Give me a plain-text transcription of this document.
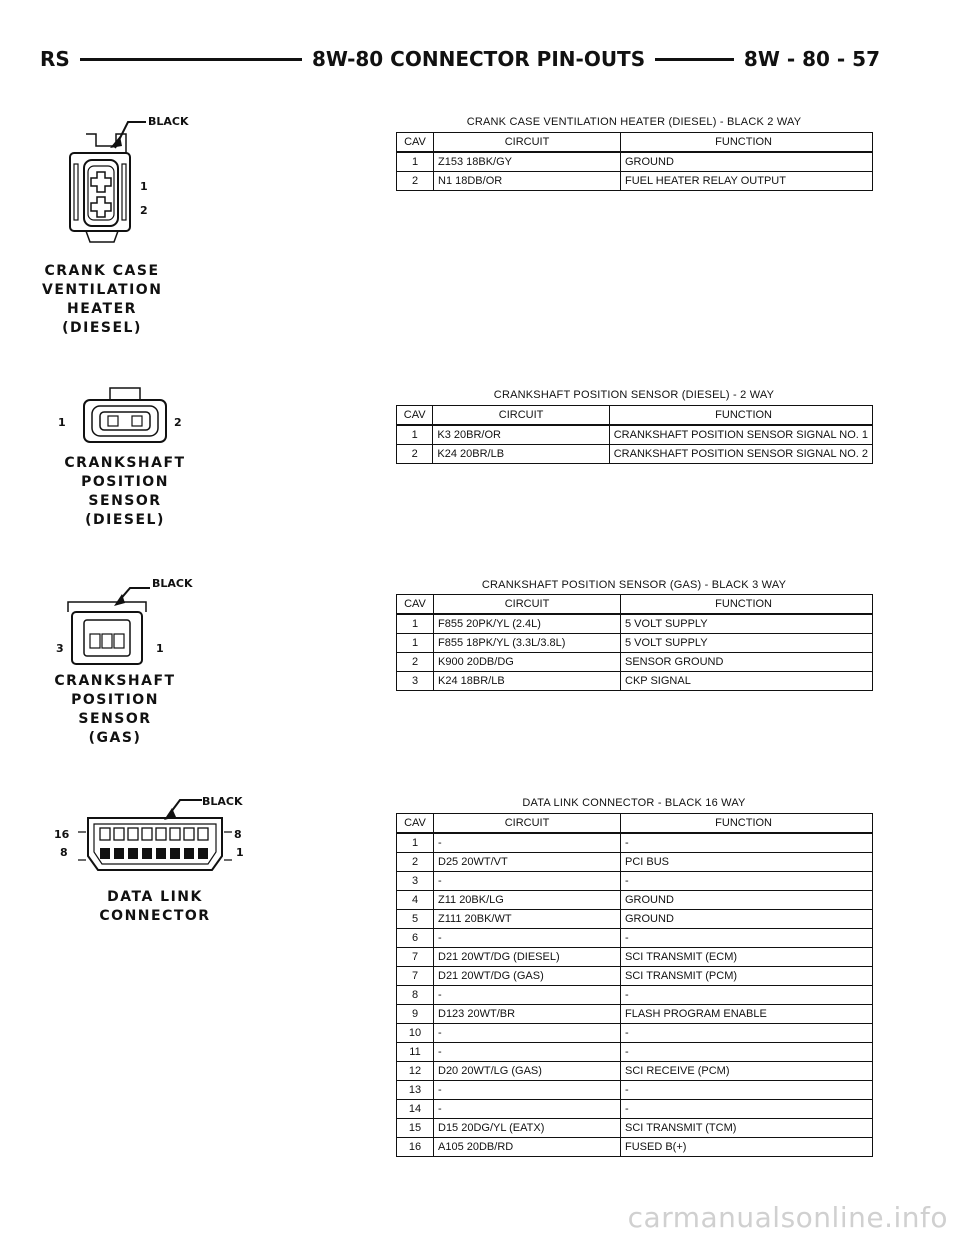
RS	8W-80 CONNECTOR PIN-OUTS	8W - 80 - 57
BLACK
1
2
CRANK CASE
VENTILATION
HEATER
(DIESEL)
CRANK CASE VENTILATION HEATER (DIESEL) - BLACK 2 WAY
CAV	CIRCUIT	FUNCTION
1	Z153 18BK/GY	GROUND
2	N1 18DB/OR	FUEL HEATER RELAY OUTPUT
1	2
CRANKSHAFT
POSITION
SENSOR
(DIESEL)
CRANKSHAFT POSITION SENSOR (DIESEL) - 2 WAY
CAV	CIRCUIT	FUNCTION
1	K3 20BR/OR	CRANKSHAFT POSITION SENSOR SIGNAL NO. 1
2	K24 20BR/LB	CRANKSHAFT POSITION SENSOR SIGNAL NO. 2
BLACK
3	1
CRANKSHAFT
POSITION
SENSOR
(GAS)
CRANKSHAFT POSITION SENSOR (GAS) - BLACK 3 WAY
CAV	CIRCUIT	FUNCTION
1	F855 20PK/YL (2.4L)	5 VOLT SUPPLY
1	F855 18PK/YL (3.3L/3.8L)	5 VOLT SUPPLY
2	K900 20DB/DG	SENSOR GROUND
3	K24 18BR/LB	CKP SIGNAL
BLACK
16
8
8
1
DATA LINK
CONNECTOR
DATA LINK CONNECTOR - BLACK 16 WAY
CAV	CIRCUIT	FUNCTION
1	-	-
2	D25 20WT/VT	PCI BUS
3	-	-
4	Z11 20BK/LG	GROUND
5	Z111 20BK/WT	GROUND
6	-	-
7	D21 20WT/DG (DIESEL)	SCI TRANSMIT (ECM)
7	D21 20WT/DG (GAS)	SCI TRANSMIT (PCM)
8	-	-
9	D123 20WT/BR	FLASH PROGRAM ENABLE
10	-	-
11	-	-
12	D20 20WT/LG (GAS)	SCI RECEIVE (PCM)
13	-	-
14	-	-
15	D15 20DG/YL (EATX)	SCI TRANSMIT (TCM)
16	A105 20DB/RD	FUSED B(+)
carmanualsonline.info
